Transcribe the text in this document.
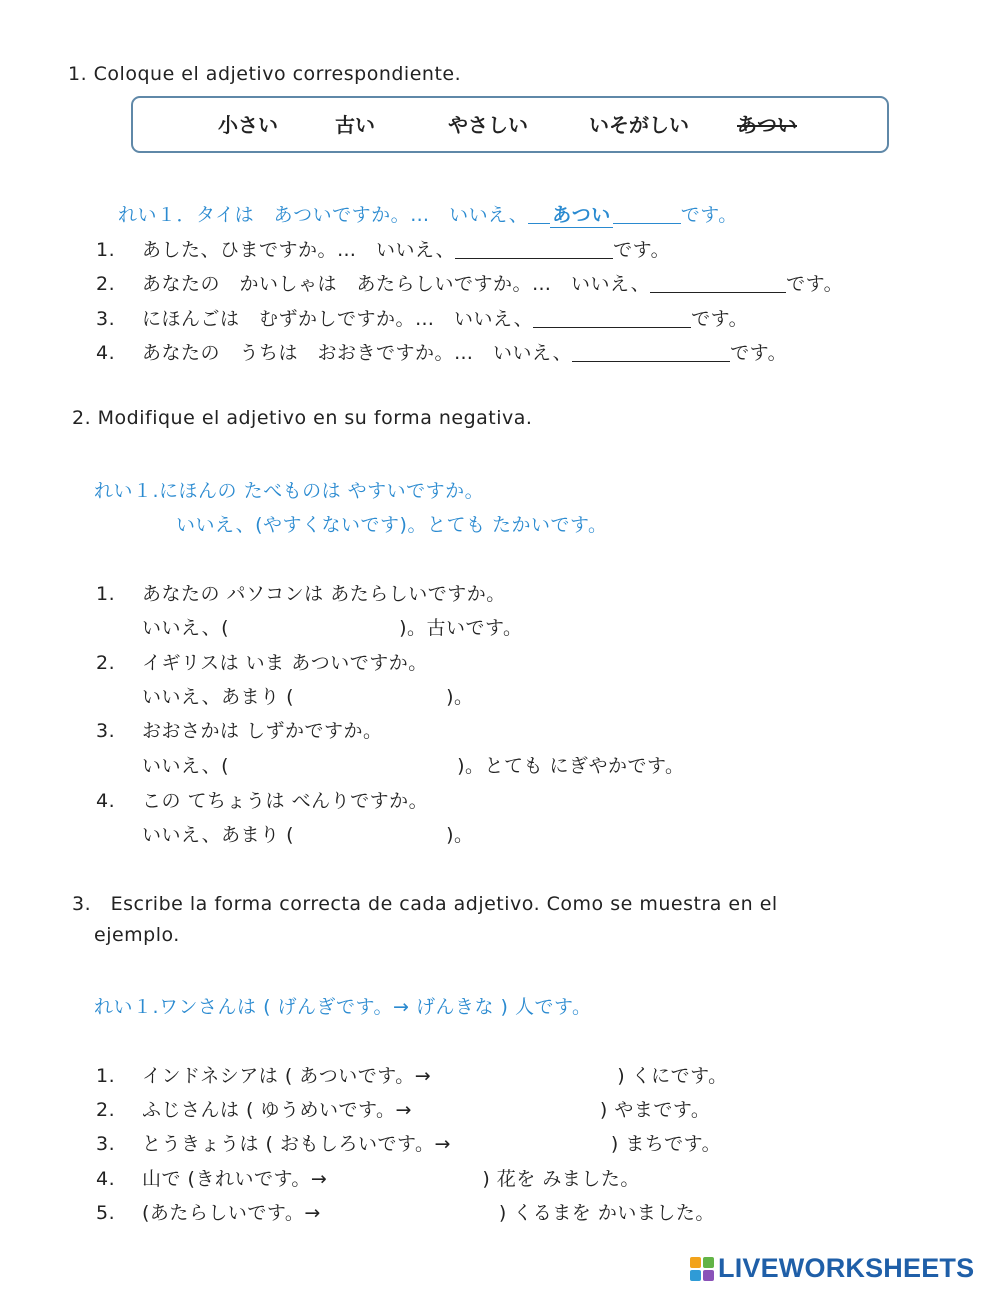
1. Coloque el adjetivo correspondiente.
小さい	古い	やさしい	いそがしい あつい
れい１．タイは　あついですか。…　いいえ、 あつい	です。
1. あした、ひまですか。…　いいえ、	です。
2. あなたの　かいしゃは　あたらしいですか。…　いいえ、	です。
3. にほんごは　むずかしですか。…　いいえ、	です。
4. あなたの　うちは　おおきですか。…　いいえ、	です。
2. Modifique el adjetivo en su forma negativa.
れい１.にほんの たべものは やすいですか。
いいえ、(やすくないです)。とても たかいです。
1. あなたの パソコンは あたらしいですか。
いいえ、(	)。古いです。
2. イギリスは いま あついですか。
いいえ、あまり (	)。
3. おおさかは しずかですか。
いいえ、(	)。とても にぎやかです。
4. この てちょうは べんりですか。
いいえ、あまり (	)。
3.　Escribe la forma correcta de cada adjetivo. Como se muestra en el
ejemplo.
れい１.ワンさんは ( げんぎです。→ げんきな ) 人です。
1. インドネシアは ( あついです。→	) くにです。
2. ふじさんは ( ゆうめいです。→	) やまです。
3. とうきょうは ( おもしろいです。→	) まちです。
4. 山で (きれいです。→	) 花を みました。
5. (あたらしいです。→	) くるまを かいました。
LIVEWORKSHEETS
